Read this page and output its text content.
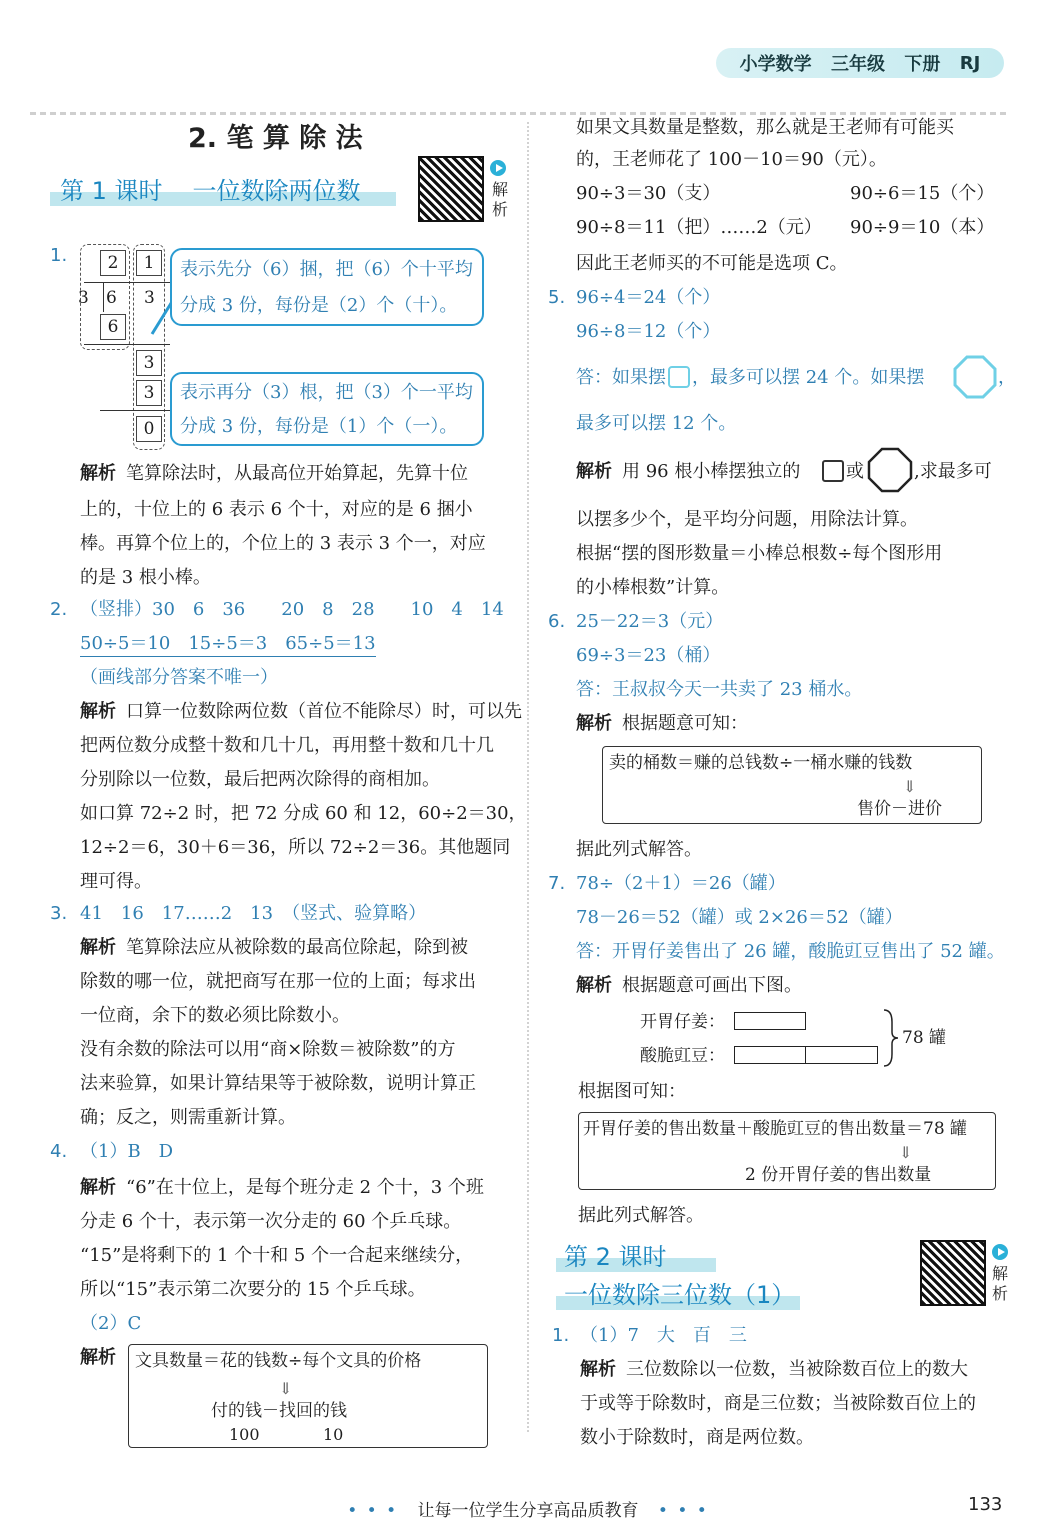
小学数学 三年级 下册 RJ
2. 笔 算 除 法
第 1 课时 一位数除两位数	解
析
1.	2	1
3 6 3
6
3
3
0
表示先分（6）捆，把（6）个十平均
分成 3 份，每份是（2）个（十）。
表示再分（3）根，把（3）个一平均
分成 3 份，每份是（1）个（一）。
解析 笔算除法时，从最高位开始算起，先算十位
上的，十位上的 6 表示 6 个十，对应的是 6 捆小
棒。再算个位上的，个位上的 3 表示 3 个一，对应
的是 3 根小棒。
2. （竖排）30　6　36　　20　8　28　　10　4　14
50÷5＝10　15÷5＝3　65÷5＝13
（画线部分答案不唯一）
解析 口算一位数除两位数（首位不能除尽）时，可以先
把两位数分成整十数和几十几，再用整十数和几十几
分别除以一位数，最后把两次除得的商相加。
如口算 72÷2 时，把 72 分成 60 和 12，60÷2＝30，
12÷2＝6，30＋6＝36，所以 72÷2＝36。其他题同
理可得。
3. 41　16　17……2　13　（竖式、验算略）
解析 笔算除法应从被除数的最高位除起，除到被
除数的哪一位，就把商写在那一位的上面；每求出
一位商，余下的数必须比除数小。
没有余数的除法可以用“商×除数＝被除数”的方
法来验算，如果计算结果等于被除数，说明计算正
确；反之，则需重新计算。
4. （1）B　D
解析 “6”在十位上，是每个班分走 2 个十，3 个班
分走 6 个十，表示第一次分走的 60 个乒乓球。
“15”是将剩下的 1 个十和 5 个一合起来继续分，
所以“15”表示第二次要分的 15 个乒乓球。
（2）C
解析 文具数量＝花的钱数÷每个文具的价格
⇓
付的钱－找回的钱
100	10
如果文具数量是整数，那么就是王老师有可能买
的，王老师花了 100－10＝90（元）。
90÷3＝30（支）	90÷6＝15（个）
90÷8＝11（把）……2（元） 90÷9＝10（本）
因此王老师买的不可能是选项 C。
5. 96÷4＝24（个）
96÷8＝12（个）
答：如果摆 ，最多可以摆 24 个。如果摆	，
最多可以摆 12 个。
解析 用 96 根小棒摆独立的	或	,求最多可
以摆多少个，是平均分问题，用除法计算。
根据“摆的图形数量＝小棒总根数÷每个图形用
的小棒根数”计算。
6. 25－22＝3（元）
69÷3＝23（桶）
答：王叔叔今天一共卖了 23 桶水。
解析 根据题意可知：
卖的桶数＝赚的总钱数÷一桶水赚的钱数
⇓
售价－进价
据此列式解答。
7. 78÷（2＋1）＝26（罐）
78－26＝52（罐）或 2×26＝52（罐）
答：开胃仔姜售出了 26 罐，酸脆豇豆售出了 52 罐。
解析 根据题意可画出下图。
开胃仔姜：
酸脆豇豆：
78 罐
根据图可知：
开胃仔姜的售出数量＋酸脆豇豆的售出数量＝78 罐
⇓
2 份开胃仔姜的售出数量
据此列式解答。
第 2 课时
一位数除三位数（1）
解
析
1. （1）7　大　百　三
解析 三位数除以一位数，当被除数百位上的数大
于或等于除数时，商是三位数；当被除数百位上的
数小于除数时，商是两位数。
• • • 让每一位学生分享高品质教育 • • •	133
